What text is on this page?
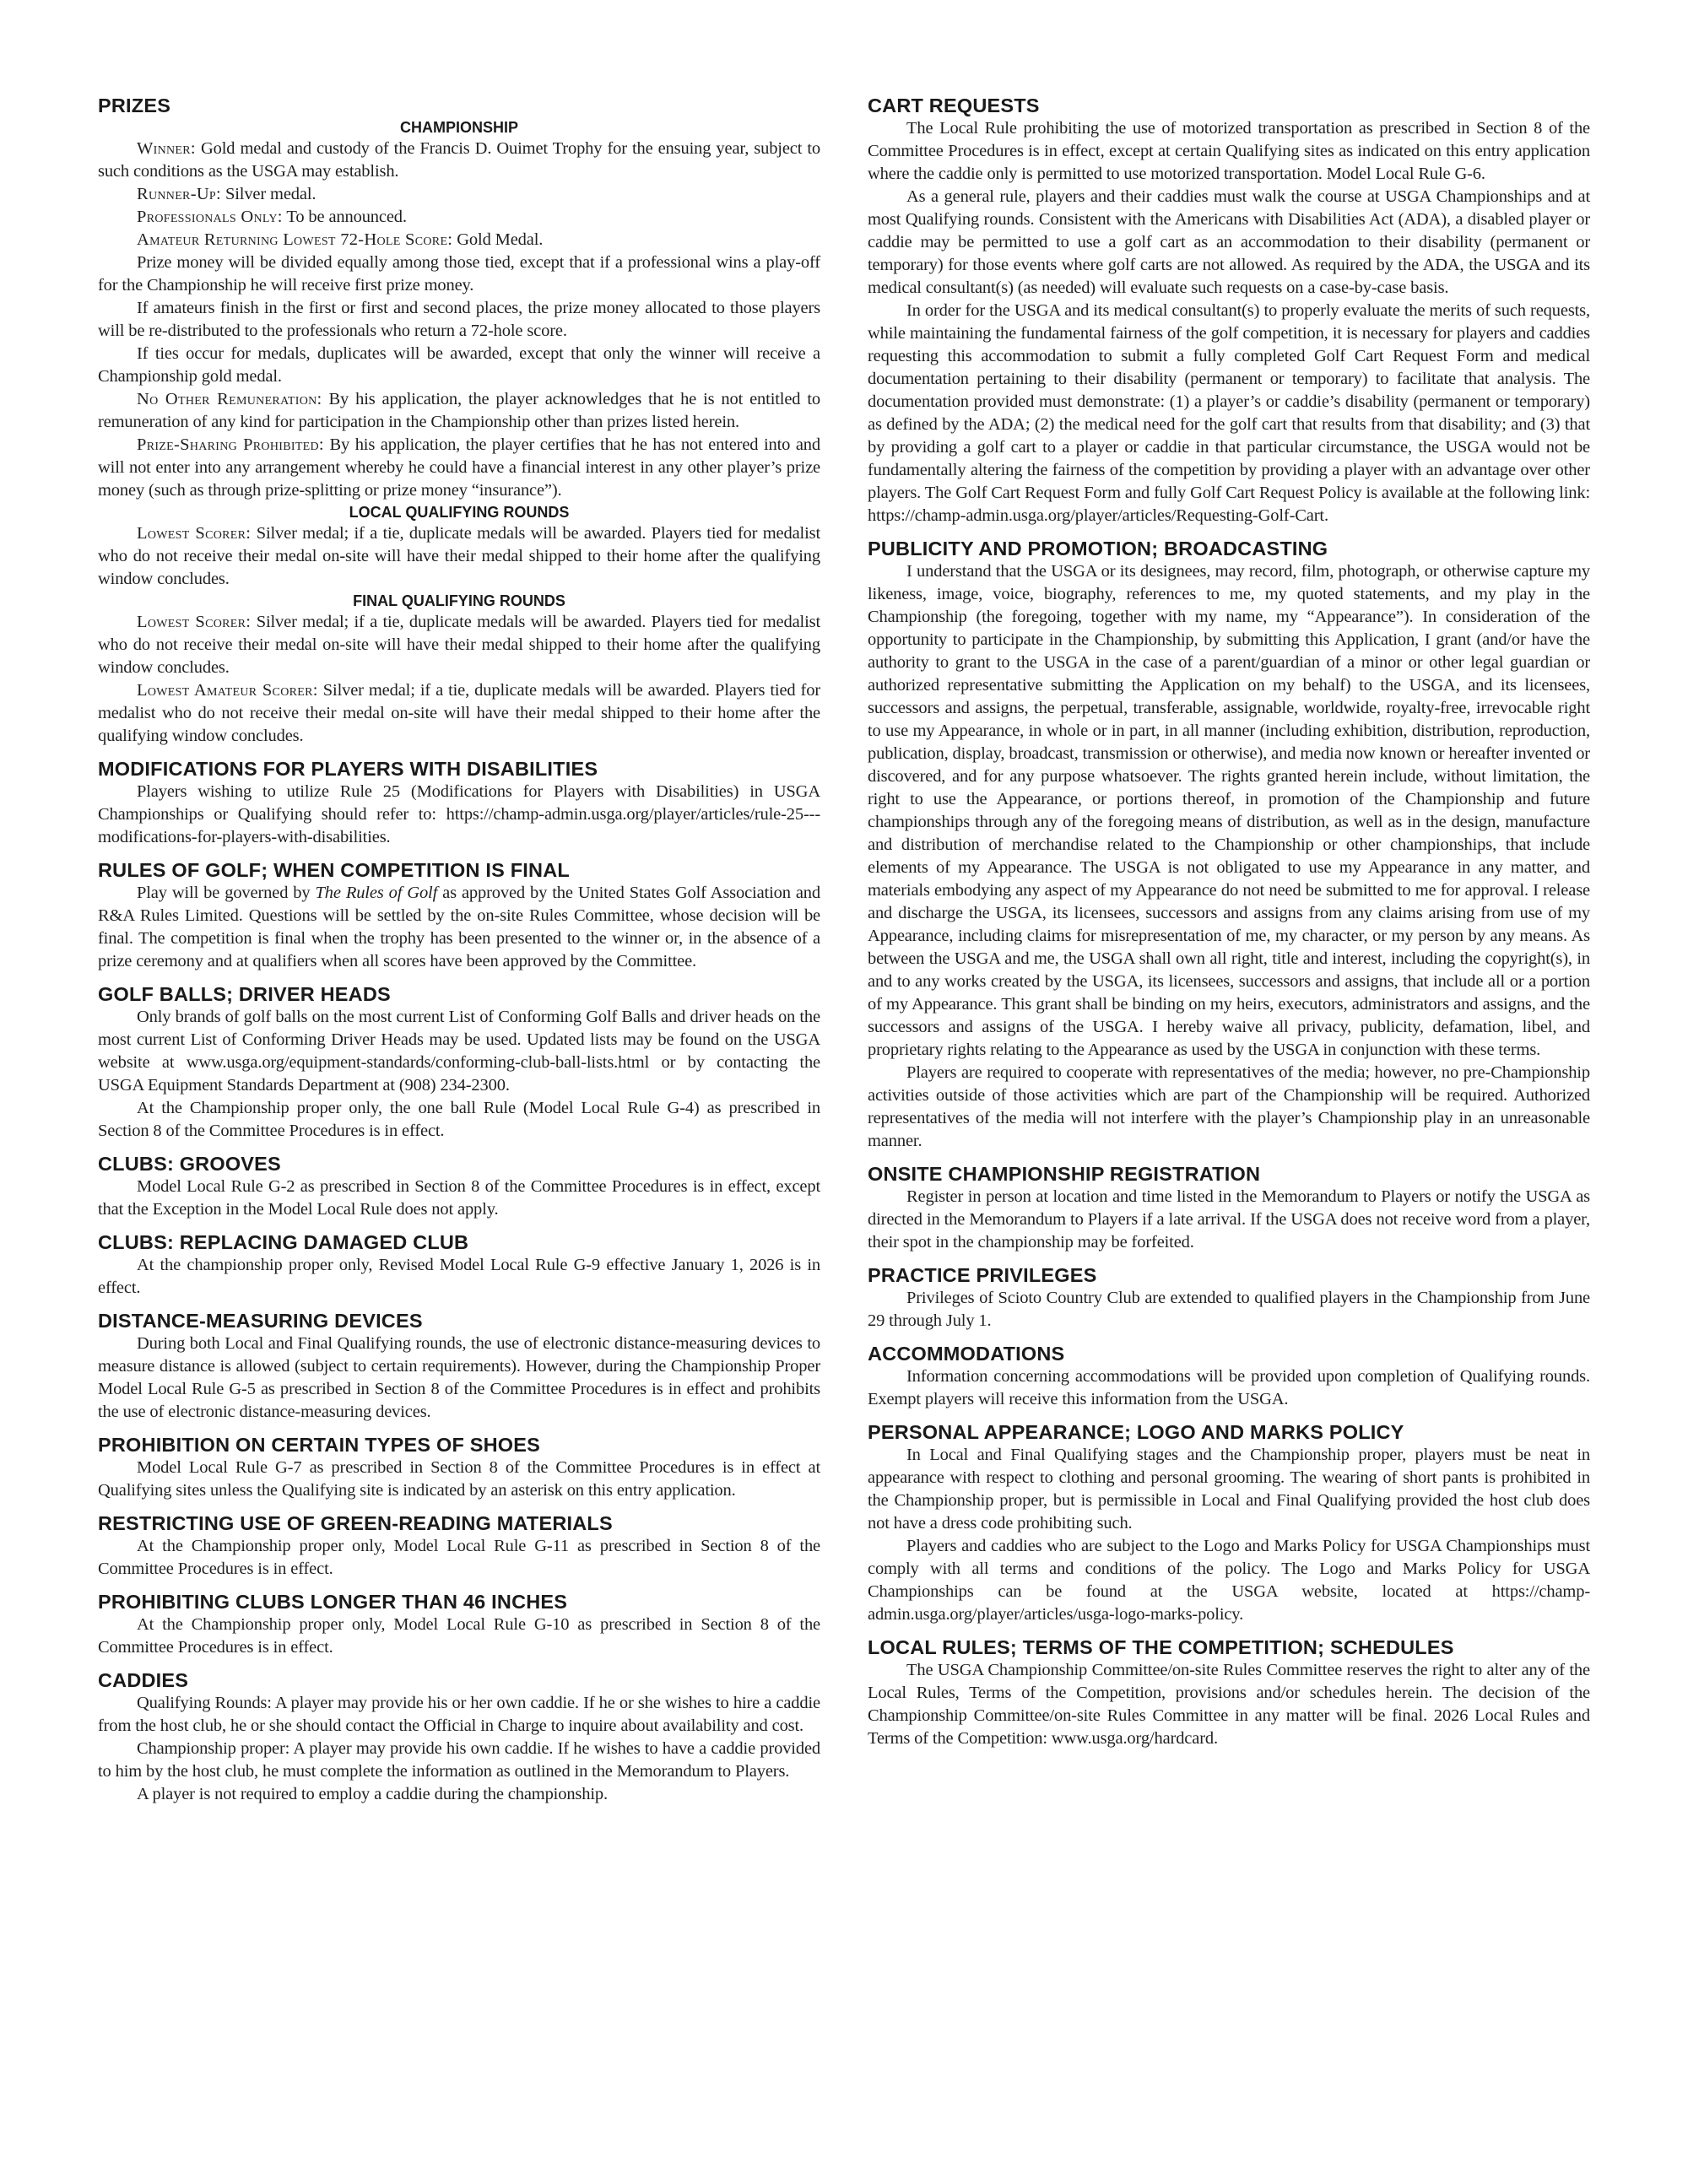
PRIZES
CHAMPIONSHIP

Winner: Gold medal and custody of the Francis D. Ouimet Trophy for the ensuing year, subject to such conditions as the USGA may establish.

Runner-Up: Silver medal.

Professionals Only: To be announced.

Amateur Returning Lowest 72-Hole Score: Gold Medal.

Prize money will be divided equally among those tied, except that if a professional wins a play-off for the Championship he will receive first prize money.

If amateurs finish in the first or first and second places, the prize money allocated to those players will be re-distributed to the professionals who return a 72-hole score.

If ties occur for medals, duplicates will be awarded, except that only the winner will receive a Championship gold medal.

No Other Remuneration: By his application, the player acknowledges that he is not entitled to remuneration of any kind for participation in the Championship other than prizes listed herein.

Prize-Sharing Prohibited: By his application, the player certifies that he has not entered into and will not enter into any arrangement whereby he could have a financial interest in any other player’s prize money (such as through prize-splitting or prize money “insurance”).

LOCAL QUALIFYING ROUNDS

Lowest Scorer: Silver medal; if a tie, duplicate medals will be awarded. Players tied for medalist who do not receive their medal on-site will have their medal shipped to their home after the qualifying window concludes.

FINAL QUALIFYING ROUNDS

Lowest Scorer: Silver medal; if a tie, duplicate medals will be awarded. Players tied for medalist who do not receive their medal on-site will have their medal shipped to their home after the qualifying window concludes.

Lowest Amateur Scorer: Silver medal; if a tie, duplicate medals will be awarded. Players tied for medalist who do not receive their medal on-site will have their medal shipped to their home after the qualifying window concludes.

MODIFICATIONS FOR PLAYERS WITH DISABILITIES

Players wishing to utilize Rule 25 (Modifications for Players with Disabilities) in USGA Championships or Qualifying should refer to: https://champ-admin.usga.org/player/articles/rule-25---modifications-for-players-with-disabilities.

RULES OF GOLF; WHEN COMPETITION IS FINAL

Play will be governed by The Rules of Golf as approved by the United States Golf Association and R&A Rules Limited. Questions will be settled by the on-site Rules Committee, whose decision will be final. The competition is final when the trophy has been presented to the winner or, in the absence of a prize ceremony and at qualifiers when all scores have been approved by the Committee.

GOLF BALLS; DRIVER HEADS

Only brands of golf balls on the most current List of Conforming Golf Balls and driver heads on the most current List of Conforming Driver Heads may be used. Updated lists may be found on the USGA website at www.usga.org/equipment-standards/conforming-club-ball-lists.html or by contacting the USGA Equipment Standards Department at (908) 234-2300.

At the Championship proper only, the one ball Rule (Model Local Rule G-4) as prescribed in Section 8 of the Committee Procedures is in effect.

CLUBS: GROOVES

Model Local Rule G-2 as prescribed in Section 8 of the Committee Procedures is in effect, except that the Exception in the Model Local Rule does not apply.

CLUBS: REPLACING DAMAGED CLUB

At the championship proper only, Revised Model Local Rule G-9 effective January 1, 2026 is in effect.

DISTANCE-MEASURING DEVICES

During both Local and Final Qualifying rounds, the use of electronic distance-measuring devices to measure distance is allowed (subject to certain requirements). However, during the Championship Proper Model Local Rule G-5 as prescribed in Section 8 of the Committee Procedures is in effect and prohibits the use of electronic distance-measuring devices.

PROHIBITION ON CERTAIN TYPES OF SHOES

Model Local Rule G-7 as prescribed in Section 8 of the Committee Procedures is in effect at Qualifying sites unless the Qualifying site is indicated by an asterisk on this entry application.

RESTRICTING USE OF GREEN-READING MATERIALS

At the Championship proper only, Model Local Rule G-11 as prescribed in Section 8 of the Committee Procedures is in effect.

PROHIBITING CLUBS LONGER THAN 46 INCHES

At the Championship proper only, Model Local Rule G-10 as prescribed in Section 8 of the Committee Procedures is in effect.

CADDIES

Qualifying Rounds: A player may provide his or her own caddie. If he or she wishes to hire a caddie from the host club, he or she should contact the Official in Charge to inquire about availability and cost.

Championship proper: A player may provide his own caddie. If he wishes to have a caddie provided to him by the host club, he must complete the information as outlined in the Memorandum to Players.

A player is not required to employ a caddie during the championship.

CART REQUESTS

The Local Rule prohibiting the use of motorized transportation as prescribed in Section 8 of the Committee Procedures is in effect, except at certain Qualifying sites as indicated on this entry application where the caddie only is permitted to use motorized transportation. Model Local Rule G-6.

As a general rule, players and their caddies must walk the course at USGA Championships and at most Qualifying rounds. Consistent with the Americans with Disabilities Act (ADA), a disabled player or caddie may be permitted to use a golf cart as an accommodation to their disability (permanent or temporary) for those events where golf carts are not allowed. As required by the ADA, the USGA and its medical consultant(s) (as needed) will evaluate such requests on a case-by-case basis.

In order for the USGA and its medical consultant(s) to properly evaluate the merits of such requests, while maintaining the fundamental fairness of the golf competition, it is necessary for players and caddies requesting this accommodation to submit a fully completed Golf Cart Request Form and medical documentation pertaining to their disability (permanent or temporary) to facilitate that analysis. The documentation provided must demonstrate: (1) a player’s or caddie’s disability (permanent or temporary) as defined by the ADA; (2) the medical need for the golf cart that results from that disability; and (3) that by providing a golf cart to a player or caddie in that particular circumstance, the USGA would not be fundamentally altering the fairness of the competition by providing a player with an advantage over other players. The Golf Cart Request Form and fully Golf Cart Request Policy is available at the following link: https://champ-admin.usga.org/player/articles/Requesting-Golf-Cart.

PUBLICITY AND PROMOTION; BROADCASTING

I understand that the USGA or its designees, may record, film, photograph, or otherwise capture my likeness, image, voice, biography, references to me, my quoted statements, and my play in the Championship (the foregoing, together with my name, my “Appearance”). In consideration of the opportunity to participate in the Championship, by submitting this Application, I grant (and/or have the authority to grant to the USGA in the case of a parent/guardian of a minor or other legal guardian or authorized representative submitting the Application on my behalf) to the USGA, and its licensees, successors and assigns, the perpetual, transferable, assignable, worldwide, royalty-free, irrevocable right to use my Appearance, in whole or in part, in all manner (including exhibition, distribution, reproduction, publication, display, broadcast, transmission or otherwise), and media now known or hereafter invented or discovered, and for any purpose whatsoever. The rights granted herein include, without limitation, the right to use the Appearance, or portions thereof, in promotion of the Championship and future championships through any of the foregoing means of distribution, as well as in the design, manufacture and distribution of merchandise related to the Championship or other championships, that include elements of my Appearance. The USGA is not obligated to use my Appearance in any matter, and materials embodying any aspect of my Appearance do not need be submitted to me for approval. I release and discharge the USGA, its licensees, successors and assigns from any claims arising from use of my Appearance, including claims for misrepresentation of me, my character, or my person by any means. As between the USGA and me, the USGA shall own all right, title and interest, including the copyright(s), in and to any works created by the USGA, its licensees, successors and assigns, that include all or a portion of my Appearance. This grant shall be binding on my heirs, executors, administrators and assigns, and the successors and assigns of the USGA. I hereby waive all privacy, publicity, defamation, libel, and proprietary rights relating to the Appearance as used by the USGA in conjunction with these terms.

Players are required to cooperate with representatives of the media; however, no pre-Championship activities outside of those activities which are part of the Championship will be required. Authorized representatives of the media will not interfere with the player’s Championship play in an unreasonable manner.

ONSITE CHAMPIONSHIP REGISTRATION

Register in person at location and time listed in the Memorandum to Players or notify the USGA as directed in the Memorandum to Players if a late arrival. If the USGA does not receive word from a player, their spot in the championship may be forfeited.

PRACTICE PRIVILEGES

Privileges of Scioto Country Club are extended to qualified players in the Championship from June 29 through July 1.

ACCOMMODATIONS

Information concerning accommodations will be provided upon completion of Qualifying rounds. Exempt players will receive this information from the USGA.

PERSONAL APPEARANCE; LOGO AND MARKS POLICY

In Local and Final Qualifying stages and the Championship proper, players must be neat in appearance with respect to clothing and personal grooming. The wearing of short pants is prohibited in the Championship proper, but is permissible in Local and Final Qualifying provided the host club does not have a dress code prohibiting such.

Players and caddies who are subject to the Logo and Marks Policy for USGA Championships must comply with all terms and conditions of the policy. The Logo and Marks Policy for USGA Championships can be found at the USGA website, located at https://champ-admin.usga.org/player/articles/usga-logo-marks-policy.

LOCAL RULES; TERMS OF THE COMPETITION; SCHEDULES

The USGA Championship Committee/on-site Rules Committee reserves the right to alter any of the Local Rules, Terms of the Competition, provisions and/or schedules herein. The decision of the Championship Committee/on-site Rules Committee in any matter will be final. 2026 Local Rules and Terms of the Competition: www.usga.org/hardcard.
